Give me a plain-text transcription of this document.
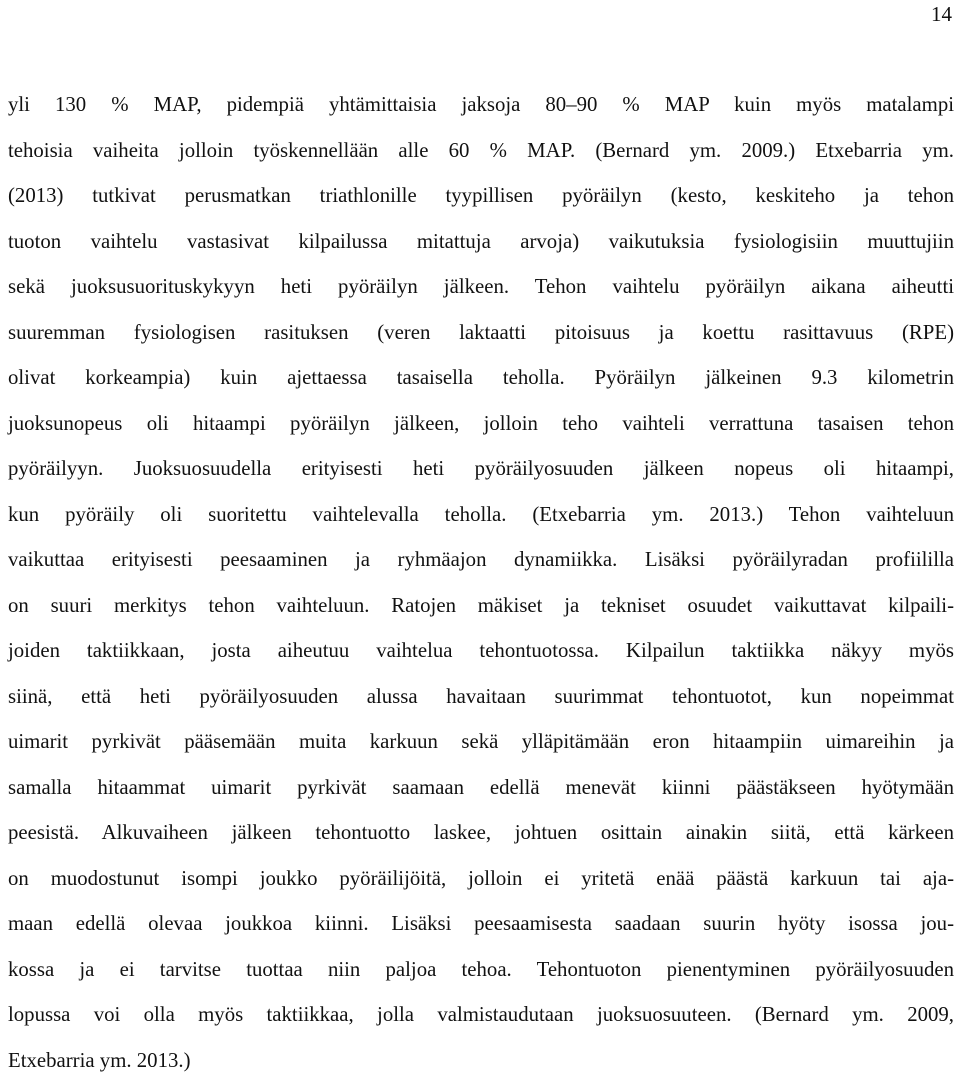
14
yli 130 % MAP, pidempiä yhtämittaisia jaksoja 80–90 % MAP kuin myös matalampi
tehoisia vaiheita jolloin työskennellään alle 60 % MAP. (Bernard ym. 2009.) Etxebarria ym.
(2013) tutkivat perusmatkan triathlonille tyypillisen pyöräilyn (kesto, keskiteho ja tehon
tuoton vaihtelu vastasivat kilpailussa mitattuja arvoja) vaikutuksia fysiologisiin muuttujiin
sekä juoksusuorituskykyyn heti pyöräilyn jälkeen. Tehon vaihtelu pyöräilyn aikana aiheutti
suuremman fysiologisen rasituksen (veren laktaatti pitoisuus ja koettu rasittavuus (RPE)
olivat korkeampia) kuin ajettaessa tasaisella teholla. Pyöräilyn jälkeinen 9.3 kilometrin
juoksunopeus oli hitaampi pyöräilyn jälkeen, jolloin teho vaihteli verrattuna tasaisen tehon
pyöräilyyn. Juoksuosuudella erityisesti heti pyöräilyosuuden jälkeen nopeus oli hitaampi,
kun pyöräily oli suoritettu vaihtelevalla teholla. (Etxebarria ym. 2013.) Tehon vaihteluun
vaikuttaa erityisesti peesaaminen ja ryhmäajon dynamiikka. Lisäksi pyöräilyradan profiililla
on suuri merkitys tehon vaihteluun. Ratojen mäkiset ja tekniset osuudet vaikuttavat kilpaili-
joiden taktiikkaan, josta aiheutuu vaihtelua tehontuotossa. Kilpailun taktiikka näkyy myös
siinä, että heti pyöräilyosuuden alussa havaitaan suurimmat tehontuotot, kun nopeimmat
uimarit pyrkivät pääsemään muita karkuun sekä ylläpitämään eron hitaampiin uimareihin ja
samalla hitaammat uimarit pyrkivät saamaan edellä menevät kiinni päästäkseen hyötymään
peesistä. Alkuvaiheen jälkeen tehontuotto laskee, johtuen osittain ainakin siitä, että kärkeen
on muodostunut isompi joukko pyöräilijöitä, jolloin ei yritetä enää päästä karkuun tai aja-
maan edellä olevaa joukkoa kiinni. Lisäksi peesaamisesta saadaan suurin hyöty isossa jou-
kossa ja ei tarvitse tuottaa niin paljoa tehoa. Tehontuoton pienentyminen pyöräilyosuuden
lopussa voi olla myös taktiikkaa, jolla valmistaudutaan juoksuosuuteen. (Bernard ym. 2009,
Etxebarria ym. 2013.)
